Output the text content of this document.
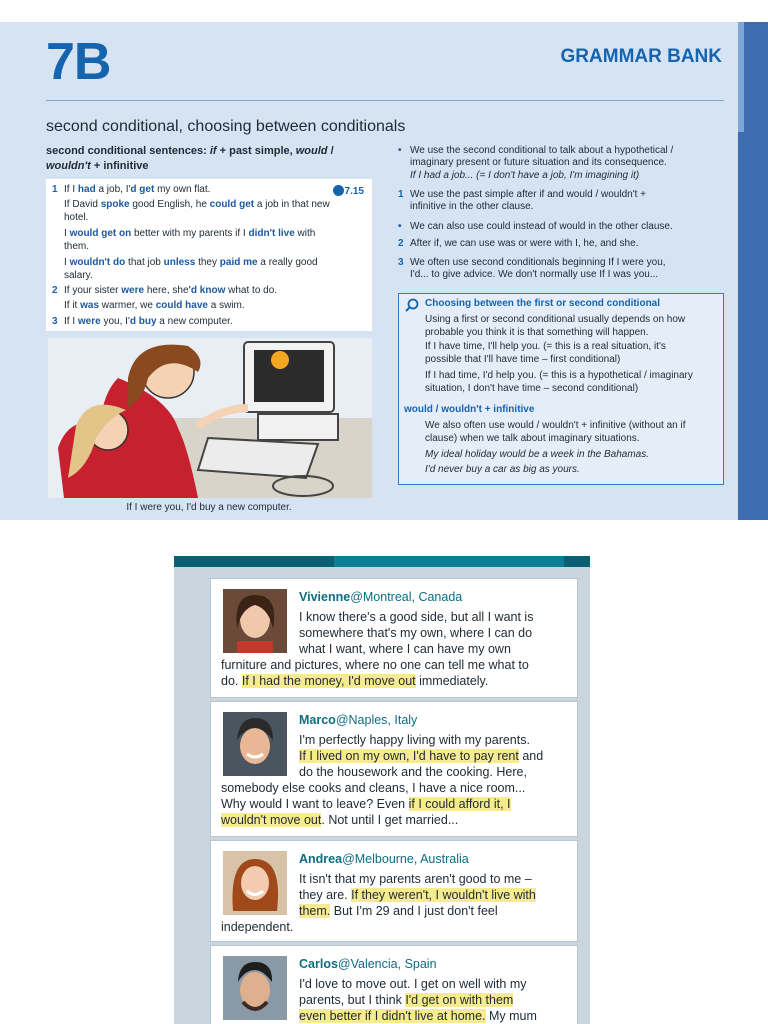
7B	GRAMMAR BANK
second conditional, choosing between conditionals
second conditional sentences: if + past simple, would /
wouldn't + infinitive
7.15
1 If I had a job, I'd get my own flat.
If David spoke good English, he could get a job in that new
hotel.
I would get on better with my parents if I didn't live with
them.
I wouldn't do that job unless they paid me a really good
salary.
2 If your sister were here, she'd know what to do.
If it was warmer, we could have a swim.
3 If I were you, I'd buy a new computer.
If I were you, I'd buy a new computer.
• We use the second conditional to talk about a hypothetical /
imaginary present or future situation and its consequence.
If I had a job... (= I don't have a job, I'm imagining it)
1 We use the past simple after if and would / wouldn't +
infinitive in the other clause.
• We can also use could instead of would in the other clause.
2 After if, we can use was or were with I, he, and she.
3 We often use second conditionals beginning If I were you,
I'd... to give advice. We don't normally use If I was you...
Choosing between the first or second conditional
Using a first or second conditional usually depends on how
probable you think it is that something will happen.
If I have time, I'll help you. (= this is a real situation, it's
possible that I'll have time – first conditional)
If I had time, I'd help you. (= this is a hypothetical / imaginary
situation, I don't have time – second conditional)
would / wouldn't + infinitive
We also often use would / wouldn't + infinitive (without an if
clause) when we talk about imaginary situations.
My ideal holiday would be a week in the Bahamas.
I'd never buy a car as big as yours.
Vivienne@Montreal, Canada
I know there's a good side, but all I want is
somewhere that's my own, where I can do
what I want, where I can have my own
furniture and pictures, where no one can tell me what to
do. If I had the money, I'd move out immediately.
Marco@Naples, Italy
I'm perfectly happy living with my parents.
If I lived on my own, I'd have to pay rent and
do the housework and the cooking. Here,
somebody else cooks and cleans, I have a nice room...
Why would I want to leave? Even if I could afford it, I
wouldn't move out. Not until I get married...
Andrea@Melbourne, Australia
It isn't that my parents aren't good to me –
they are. If they weren't, I wouldn't live with
them. But I'm 29 and I just don't feel
independent.
Carlos@Valencia, Spain
I'd love to move out. I get on well with my
parents, but I think I'd get on with them
even better if I didn't live at home. My mum
